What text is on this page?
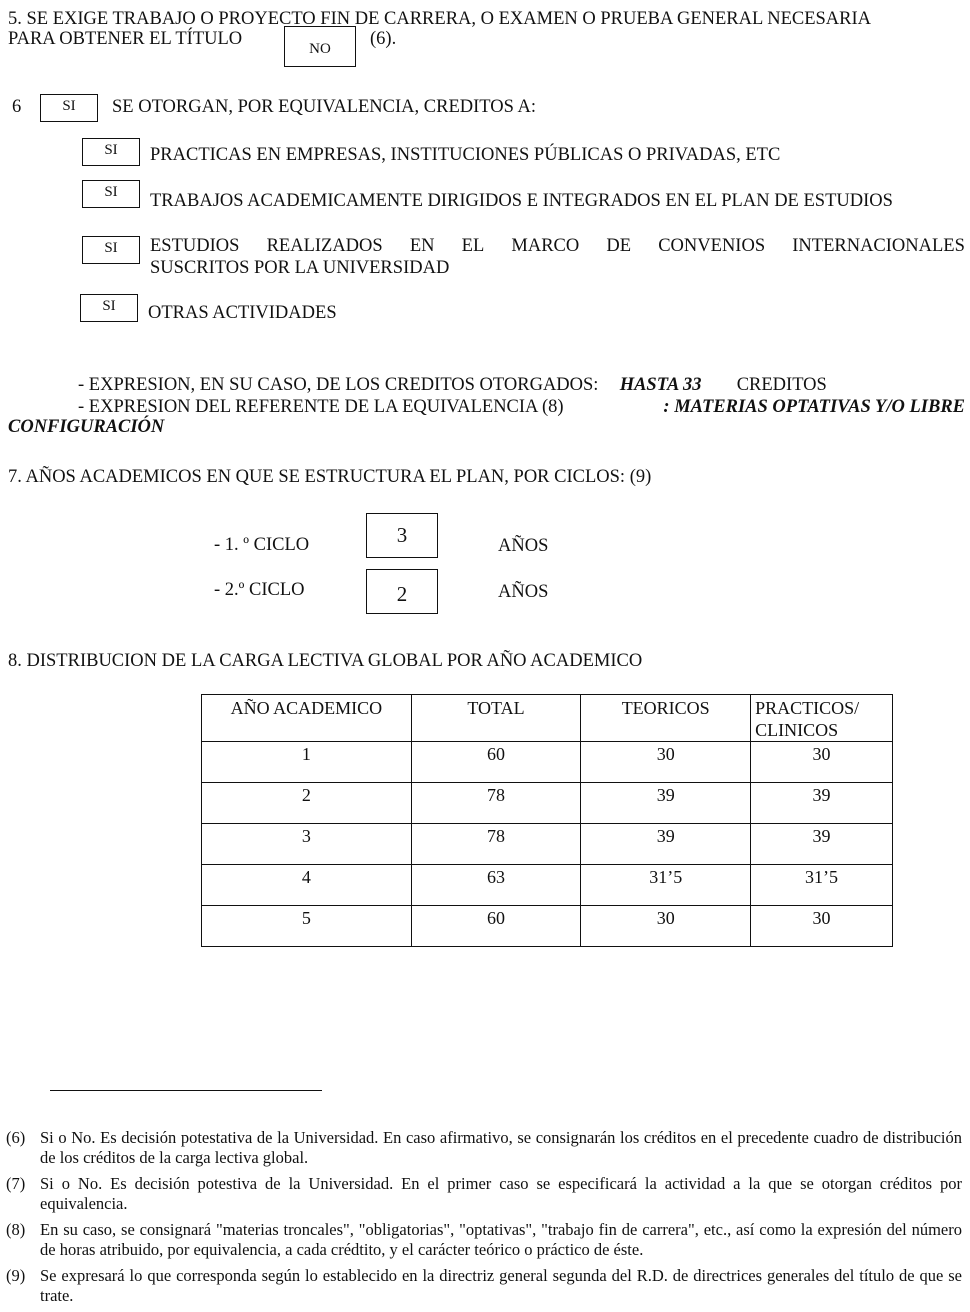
5. SE EXIGE TRABAJO O PROYECTO FIN DE CARRERA, O EXAMEN O PRUEBA GENERAL NECESARIA
PARA OBTENER EL TÍTULO	NO	(6).
6	SI	SE OTORGAN, POR EQUIVALENCIA, CREDITOS A:
SI	PRACTICAS EN EMPRESAS, INSTITUCIONES PÚBLICAS O PRIVADAS, ETC
SI	TRABAJOS ACADEMICAMENTE DIRIGIDOS E INTEGRADOS EN EL PLAN DE ESTUDIOS
SI	ESTUDIOS REALIZADOS EN EL MARCO DE CONVENIOS INTERNACIONALES
SUSCRITOS POR LA UNIVERSIDAD
SI	OTRAS ACTIVIDADES
- EXPRESION, EN SU CASO, DE LOS CREDITOS OTORGADOS: HASTA 33 CREDITOS
- EXPRESION DEL REFERENTE DE LA EQUIVALENCIA (8)	: MATERIAS OPTATIVAS Y/O LIBRE
CONFIGURACIÓN
7. AÑOS ACADEMICOS EN QUE SE ESTRUCTURA EL PLAN, POR CICLOS: (9)
- 1. º CICLO	3	AÑOS
- 2.º CICLO	2	AÑOS
8. DISTRIBUCION DE LA CARGA LECTIVA GLOBAL POR AÑO ACADEMICO
AÑO ACADEMICO	TOTAL	TEORICOS	PRACTICOS/
CLINICOS
1	60	30	30
2	78	39	39
3	78	39	39
4	63	31’5	31’5
5	60	30	30
(6) Si o No. Es decisión potestativa de la Universidad. En caso afirmativo, se consignarán los créditos en el precedente cuadro de distribución de los créditos de la carga lectiva global.
(7) Si o No. Es decisión potestiva de la Universidad. En el primer caso se especificará la actividad a la que se otorgan créditos por equivalencia.
(8) En su caso, se consignará "materias troncales", "obligatorias", "optativas", "trabajo fin de carrera", etc., así como la expresión del número de horas atribuido, por equivalencia, a cada crédtito, y el carácter teórico o práctico de éste.
(9) Se expresará lo que corresponda según lo establecido en la directriz general segunda del R.D. de directrices generales del título de que se trate.
